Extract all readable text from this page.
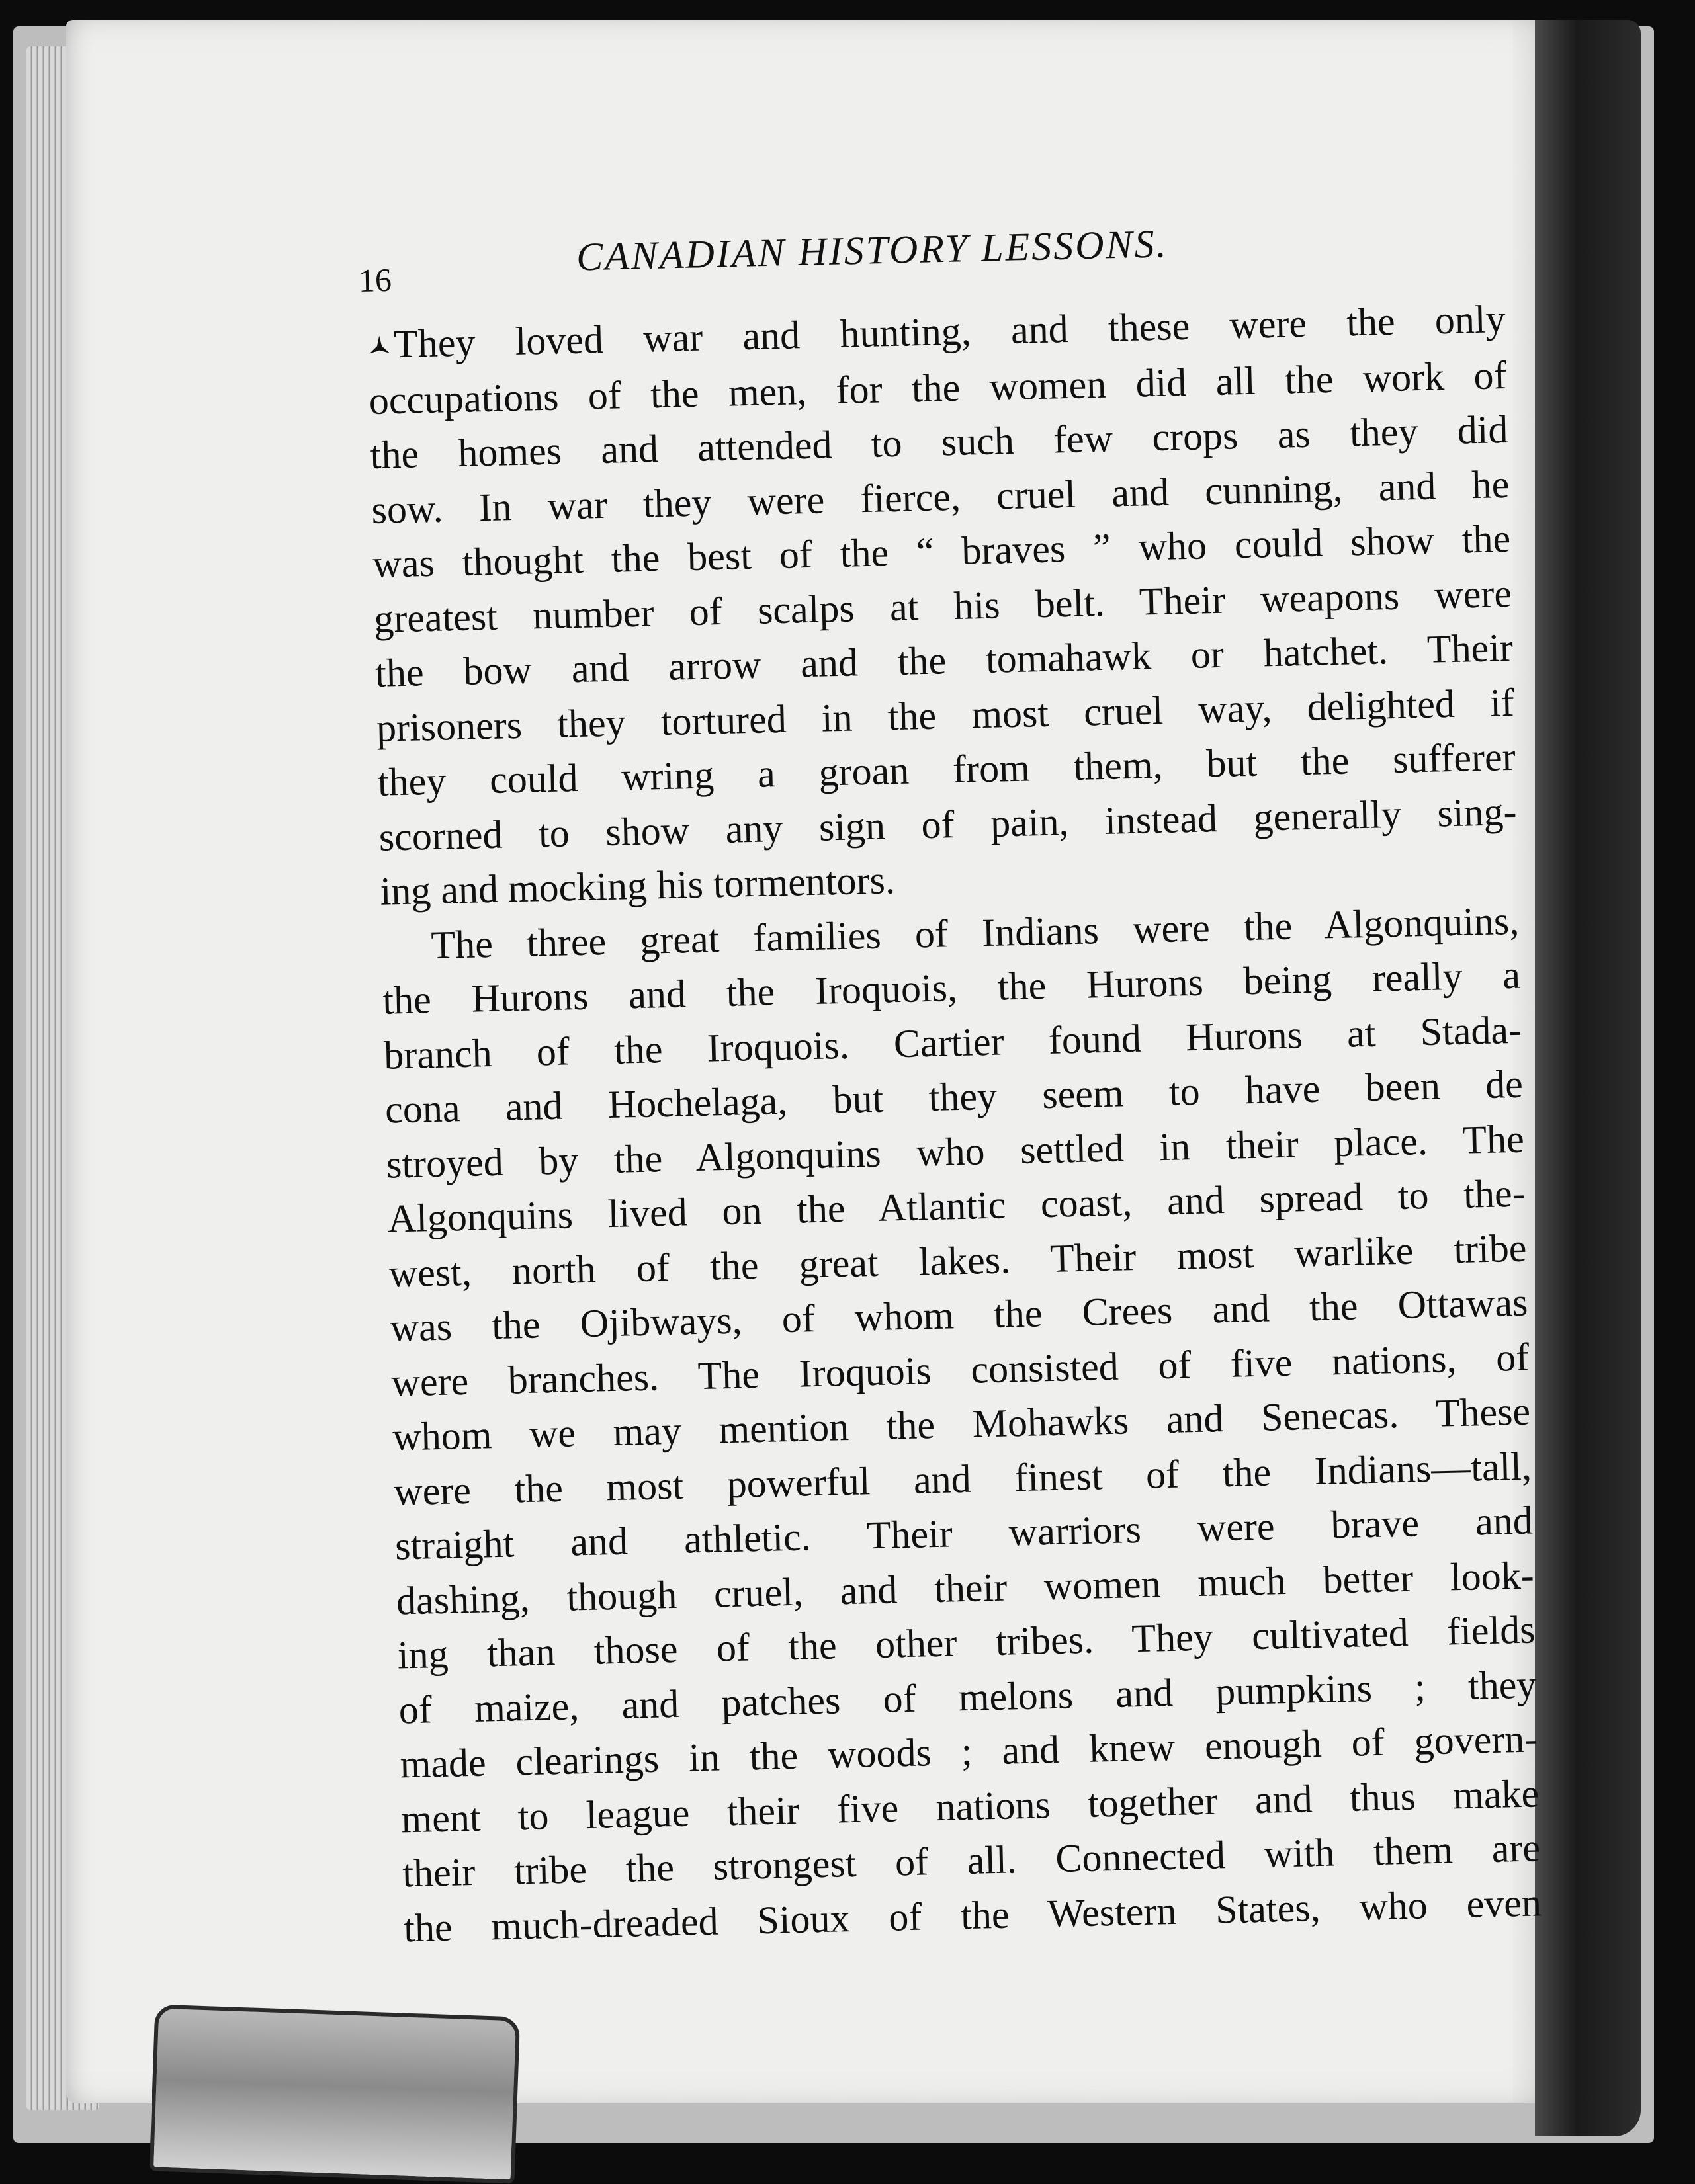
16
CANADIAN HISTORY LESSONS.
🟁They loved war and hunting, and these were the only
occupations of the men, for the women did all the work of
the homes and attended to such few crops as they did
sow. In war they were fierce, cruel and cunning, and he
was thought the best of the “ braves ” who could show the
greatest number of scalps at his belt. Their weapons were
the bow and arrow and the tomahawk or hatchet. Their
prisoners they tortured in the most cruel way, delighted if
they could wring a groan from them, but the sufferer
scorned to show any sign of pain, instead generally sing-
ing and mocking his tormentors.
The three great families of Indians were the Algonquins,
the Hurons and the Iroquois, the Hurons being really a
branch of the Iroquois. Cartier found Hurons at Stada-
cona and Hochelaga, but they seem to have been de
stroyed by the Algonquins who settled in their place. The
Algonquins lived on the Atlantic coast, and spread to the-
west, north of the great lakes. Their most warlike tribe
was the Ojibways, of whom the Crees and the Ottawas
were branches. The Iroquois consisted of five nations, of
whom we may mention the Mohawks and Senecas. These
were the most powerful and finest of the Indians—tall,
straight and athletic. Their warriors were brave and
dashing, though cruel, and their women much better look-
ing than those of the other tribes. They cultivated fields
of maize, and patches of melons and pumpkins ; they
made clearings in the woods ; and knew enough of govern-
ment to league their five nations together and thus make
their tribe the strongest of all. Connected with them are
the much-dreaded Sioux of the Western States, who even
